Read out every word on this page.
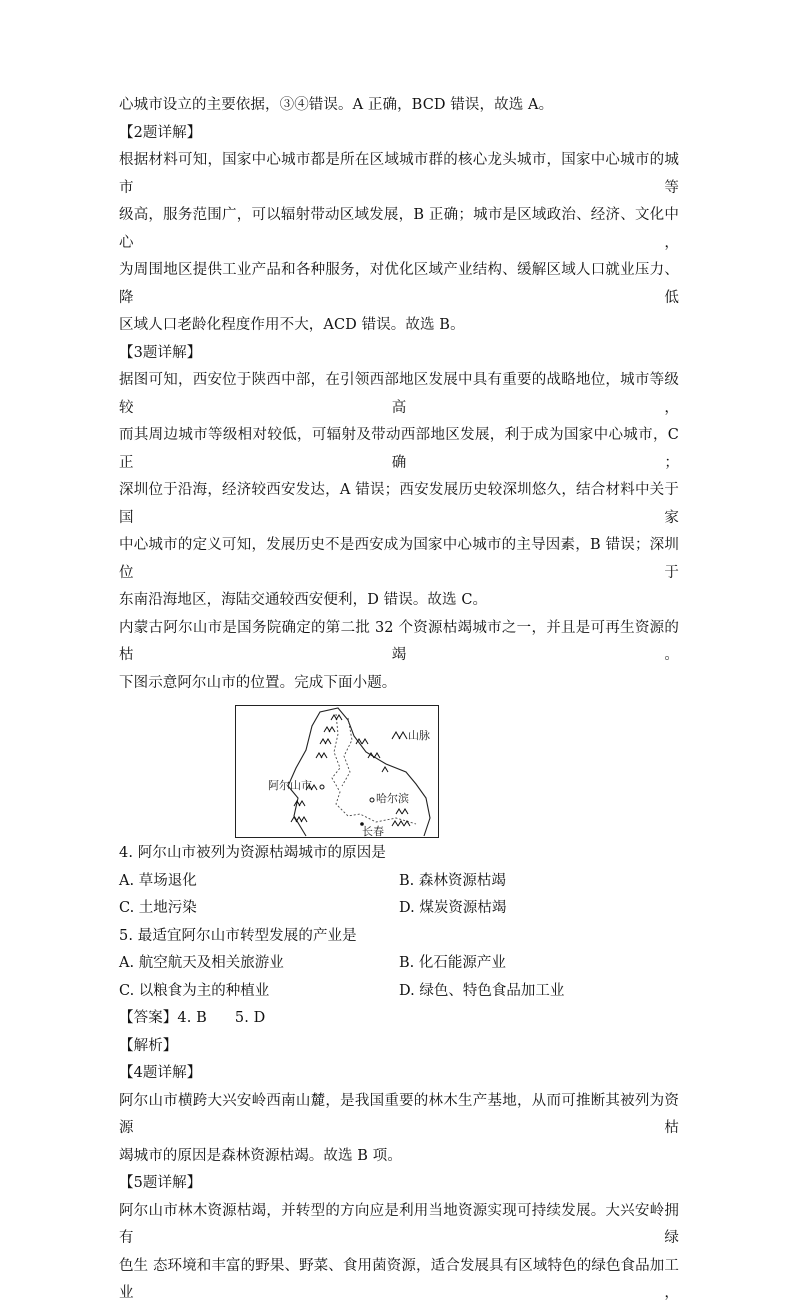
心城市设立的主要依据，③④错误。A 正确，BCD 错误，故选 A。
【2题详解】
根据材料可知，国家中心城市都是所在区域城市群的核心龙头城市，国家中心城市的城市等
级高，服务范围广，可以辐射带动区域发展，B 正确；城市是区域政治、经济、文化中心，
为周围地区提供工业产品和各种服务，对优化区域产业结构、缓解区域人口就业压力、降低
区域人口老龄化程度作用不大，ACD 错误。故选 B。
【3题详解】
据图可知，西安位于陕西中部，在引领西部地区发展中具有重要的战略地位，城市等级较高，
而其周边城市等级相对较低，可辐射及带动西部地区发展，利于成为国家中心城市，C 正确；
深圳位于沿海，经济较西安发达，A 错误；西安发展历史较深圳悠久，结合材料中关于国家
中心城市的定义可知，发展历史不是西安成为国家中心城市的主导因素，B 错误；深圳位于
东南沿海地区，海陆交通较西安便利，D 错误。故选 C。
内蒙古阿尔山市是国务院确定的第二批 32 个资源枯竭城市之一，并且是可再生资源的枯竭。
下图示意阿尔山市的位置。完成下面小题。
山脉
阿尔山市
哈尔滨
长春
4. 阿尔山市被列为资源枯竭城市的原因是
A. 草场退化	B. 森林资源枯竭
C. 土地污染	D. 煤炭资源枯竭
5. 最适宜阿尔山市转型发展的产业是
A. 航空航天及相关旅游业	B. 化石能源产业
C. 以粮食为主的种植业	D. 绿色、特色食品加工业
【答案】4. B 5. D
【解析】
【4题详解】
阿尔山市横跨大兴安岭西南山麓，是我国重要的林木生产基地，从而可推断其被列为资源枯
竭城市的原因是森林资源枯竭。故选 B 项。
【5题详解】
阿尔山市林木资源枯竭，并转型的方向应是利用当地资源实现可持续发展。大兴安岭拥有绿
色生 态环境和丰富的野果、野菜、食用菌资源，适合发展具有区域特色的绿色食品加工业，
